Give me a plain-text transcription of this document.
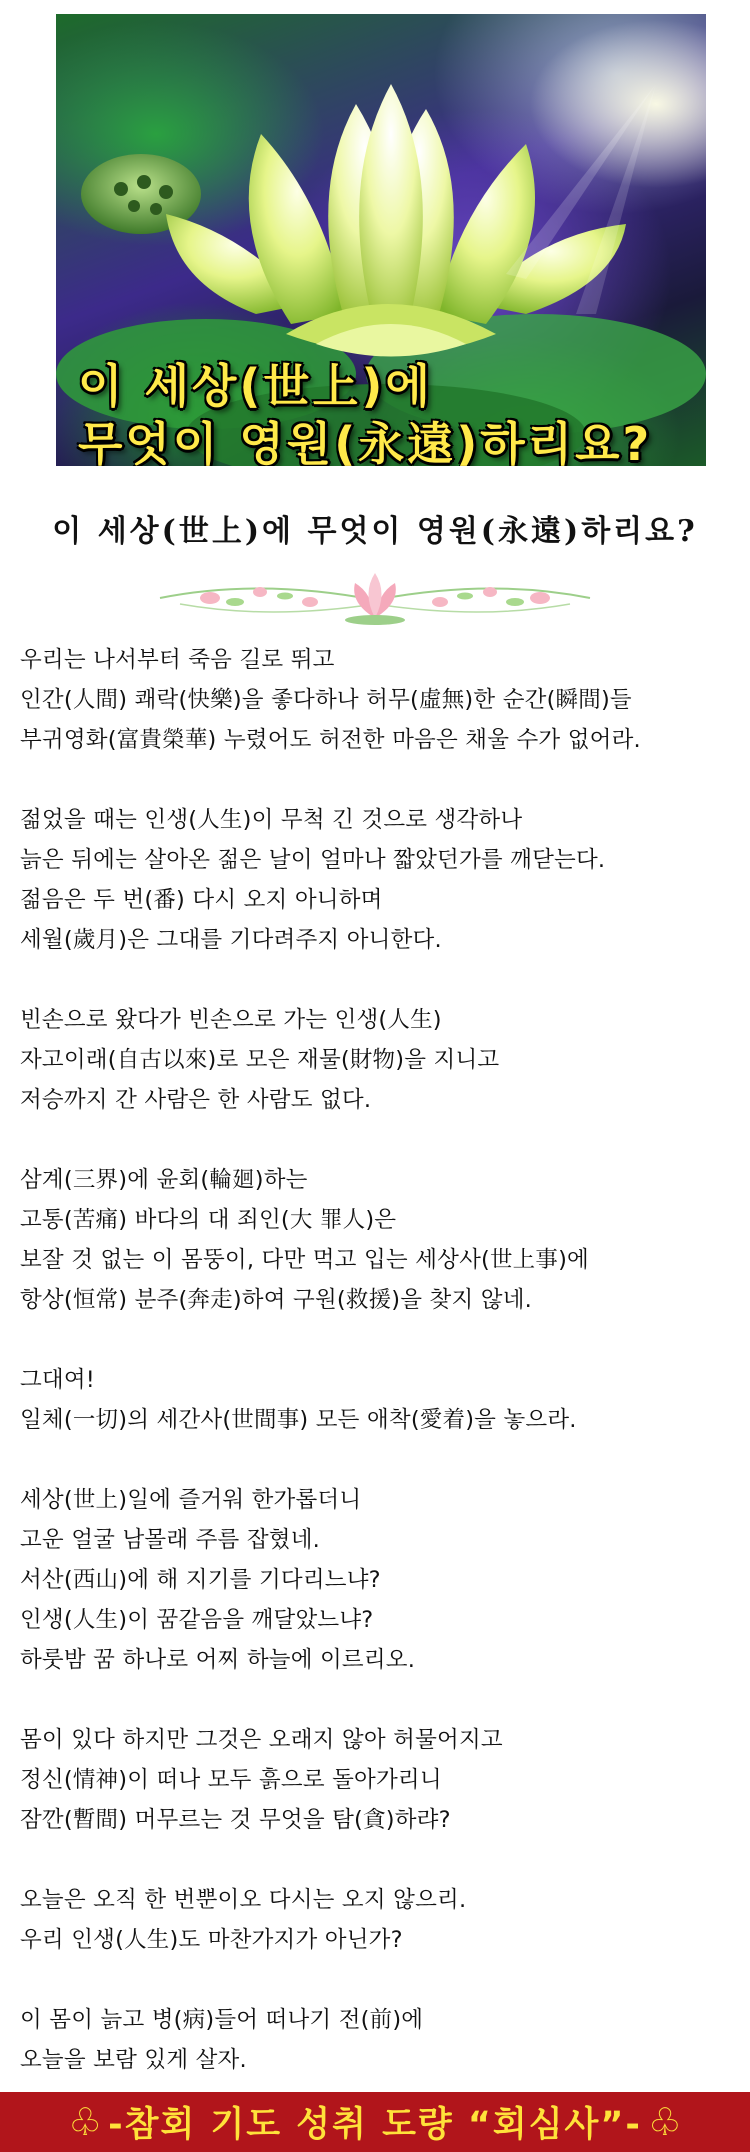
이 세상(世上)에
무엇이 영원(永遠)하리요?
이 세상(世上)에 무엇이 영원(永遠)하리요?
우리는 나서부터 죽음 길로 뛰고
인간(人間) 쾌락(快樂)을 좋다하나 허무(虛無)한 순간(瞬間)들
부귀영화(富貴榮華) 누렸어도 허전한 마음은 채울 수가 없어라.
젊었을 때는 인생(人生)이 무척 긴 것으로 생각하나
늙은 뒤에는 살아온 젊은 날이 얼마나 짧았던가를 깨닫는다.
젊음은 두 번(番) 다시 오지 아니하며
세월(歲月)은 그대를 기다려주지 아니한다.
빈손으로 왔다가 빈손으로 가는 인생(人生)
자고이래(自古以來)로 모은 재물(財物)을 지니고
저승까지 간 사람은 한 사람도 없다.
삼계(三界)에 윤회(輪廻)하는
고통(苦痛) 바다의 대 죄인(大 罪人)은
보잘 것 없는 이 몸뚱이, 다만 먹고 입는 세상사(世上事)에
항상(恒常) 분주(奔走)하여 구원(救援)을 찾지 않네.
그대여!
일체(一切)의 세간사(世間事) 모든 애착(愛着)을 놓으라.
세상(世上)일에 즐거워 한가롭더니
고운 얼굴 남몰래 주름 잡혔네.
서산(西山)에 해 지기를 기다리느냐?
인생(人生)이 꿈같음을 깨달았느냐?
하룻밤 꿈 하나로 어찌 하늘에 이르리오.
몸이 있다 하지만 그것은 오래지 않아 허물어지고
정신(情神)이 떠나 모두 흙으로 돌아가리니
잠깐(暫間) 머무르는 것 무엇을 탐(貪)하랴?
오늘은 오직 한 번뿐이오 다시는 오지 않으리.
우리 인생(人生)도 마찬가지가 아닌가?
이 몸이 늙고 병(病)들어 떠나기 전(前)에
오늘을 보람 있게 살자.
♧ -참회 기도 성취 도량 “회심사”- ♧
